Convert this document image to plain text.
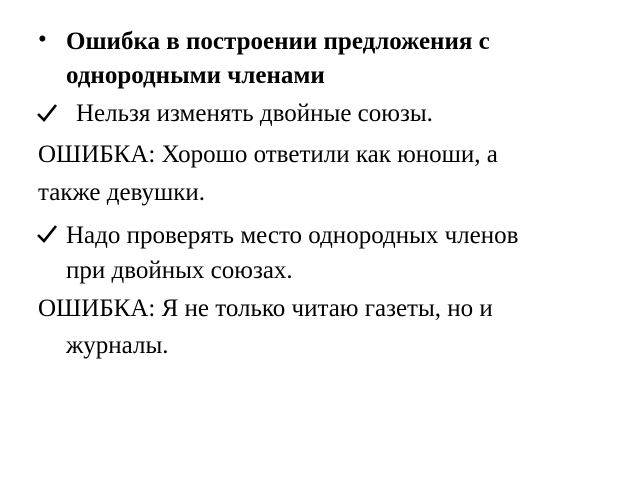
• Ошибка в построении предложения с
однородными членами
Нельзя изменять двойные союзы.
ОШИБКА: Хорошо ответили как юноши, а
также девушки.
Надо проверять место однородных членов
при двойных союзах.
ОШИБКА: Я не только читаю газеты, но и
журналы.
